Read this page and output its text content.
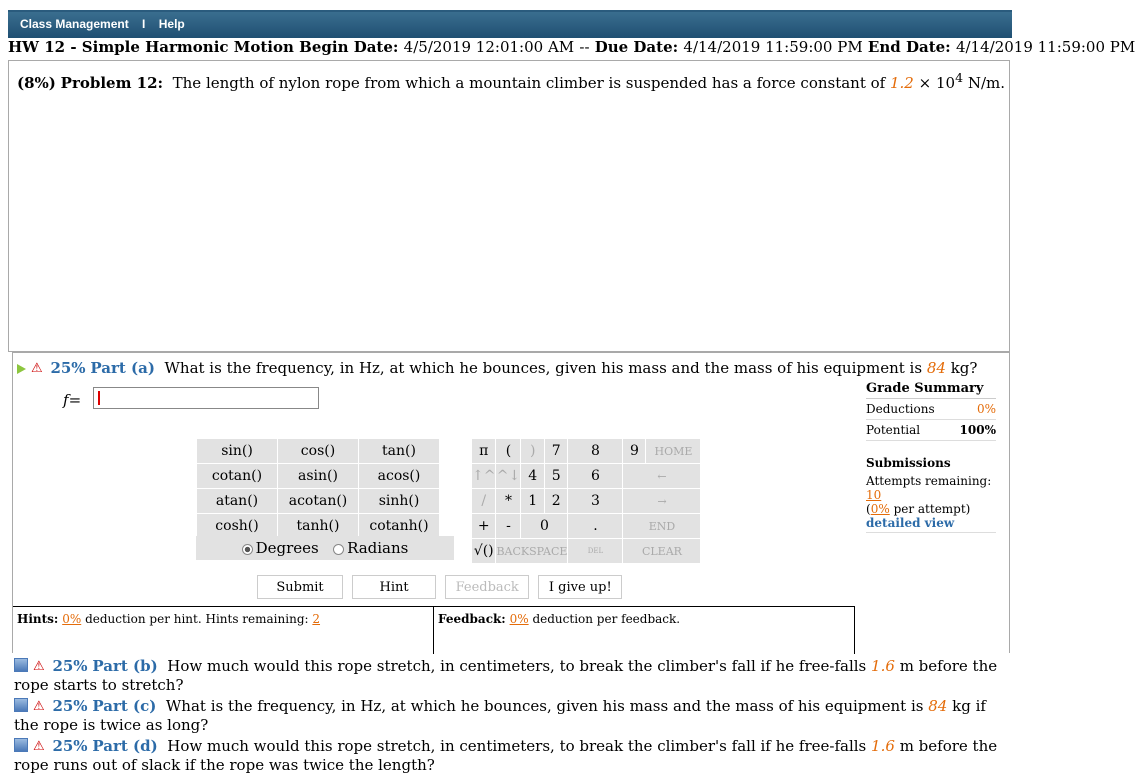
Class Management I Help
HW 12 - Simple Harmonic Motion Begin Date: 4/5/2019 12:01:00 AM -- Due Date: 4/14/2019 11:59:00 PM End Date: 4/14/2019 11:59:00 PM
(8%) Problem 12: The length of nylon rope from which a mountain climber is suspended has a force constant of $1.2 \times 10^4$ N/m.
⚠ 25% Part (a) What is the frequency, in Hz, at which he bounces, given his mass and the mass of his equipment is 84 kg?
f=
Grade Summary
Deductions	0%
Potential	100%
Submissions
Attempts remaining: 10
(0% per attempt)
detailed view
sin()	cos()	tan()
cotan()	asin()	acos()
atan()	acotan()	sinh()
cosh()	tanh()	cotanh()
π	(	)	7	8	9	HOME
↑^	^↓	4	5	6	←	
/	*	1	2	3	→	
+	-	0		.	END	
√()	BACKSPACE			DEL	CLEAR	
Degrees Radians
Submit	Hint	Feedback I give up!
Hints: 0% deduction per hint. Hints remaining: 2	Feedback: 0% deduction per feedback.
⚠ 25% Part (b) How much would this rope stretch, in centimeters, to break the climber's fall if he free-falls 1.6 m before the rope starts to stretch?
⚠ 25% Part (c) What is the frequency, in Hz, at which he bounces, given his mass and the mass of his equipment is 84 kg if the rope is twice as long?
⚠ 25% Part (d) How much would this rope stretch, in centimeters, to break the climber's fall if he free-falls 1.6 m before the rope runs out of slack if the rope was twice the length?
